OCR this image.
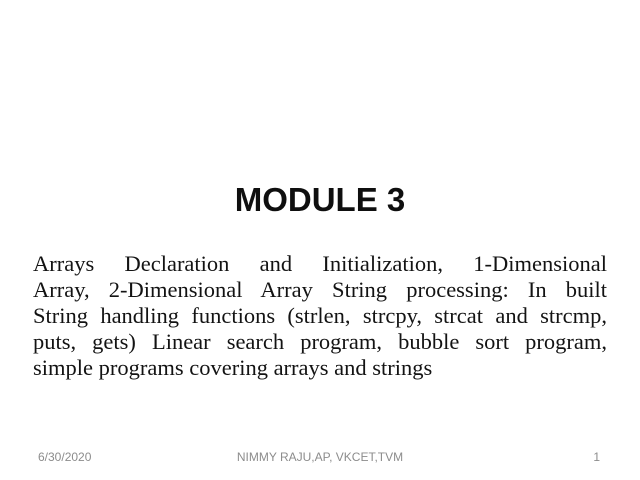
MODULE 3
Arrays Declaration and Initialization, 1-Dimensional
Array, 2-Dimensional Array String processing: In built
String handling functions (strlen, strcpy, strcat and strcmp,
puts, gets) Linear search program, bubble sort program,
simple programs covering arrays and strings
6/30/2020	NIMMY RAJU,AP, VKCET,TVM	1
